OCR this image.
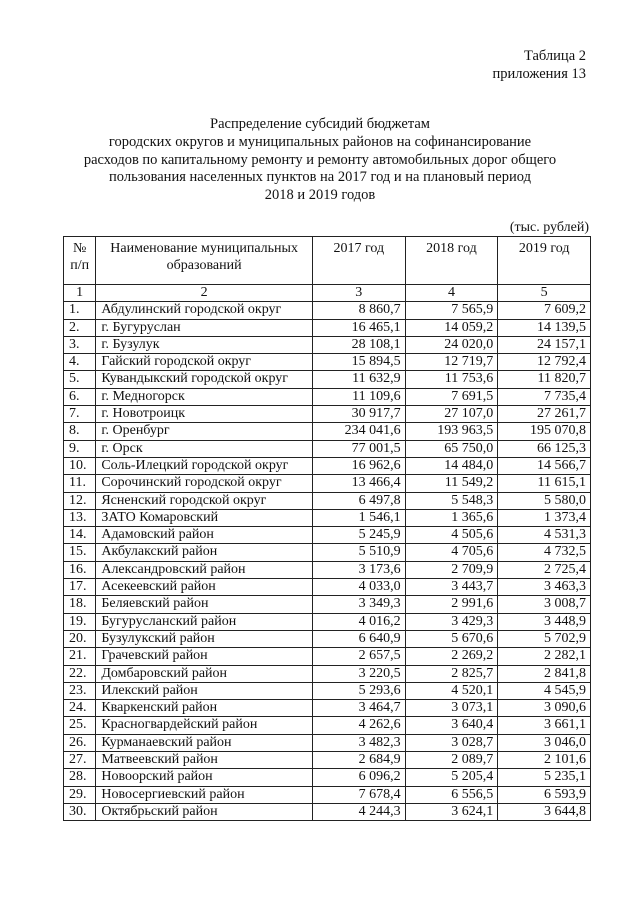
Таблица 2
приложения 13
Распределение субсидий бюджетам
городских округов и муниципальных районов на софинансирование
расходов по капитальному ремонту и ремонту автомобильных дорог общего
пользования населенных пунктов на 2017 год и на плановый период
2018 и 2019 годов
(тыс. рублей)
№ п/п	Наименование муниципальных образований	2017 год	2018 год	2019 год
1	2	3	4	5
1.	Абдулинский городской округ	8 860,7	7 565,9	7 609,2
2.	г. Бугуруслан	16 465,1	14 059,2	14 139,5
3.	г. Бузулук	28 108,1	24 020,0	24 157,1
4.	Гайский городской округ	15 894,5	12 719,7	12 792,4
5.	Кувандыкский городской округ	11 632,9	11 753,6	11 820,7
6.	г. Медногорск	11 109,6	7 691,5	7 735,4
7.	г. Новотроицк	30 917,7	27 107,0	27 261,7
8.	г. Оренбург	234 041,6	193 963,5	195 070,8
9.	г. Орск	77 001,5	65 750,0	66 125,3
10.	Соль-Илецкий городской округ	16 962,6	14 484,0	14 566,7
11.	Сорочинский городской округ	13 466,4	11 549,2	11 615,1
12.	Ясненский городской округ	6 497,8	5 548,3	5 580,0
13.	ЗАТО Комаровский	1 546,1	1 365,6	1 373,4
14.	Адамовский район	5 245,9	4 505,6	4 531,3
15.	Акбулакский район	5 510,9	4 705,6	4 732,5
16.	Александровский район	3 173,6	2 709,9	2 725,4
17.	Асекеевский район	4 033,0	3 443,7	3 463,3
18.	Беляевский район	3 349,3	2 991,6	3 008,7
19.	Бугурусланский район	4 016,2	3 429,3	3 448,9
20.	Бузулукский район	6 640,9	5 670,6	5 702,9
21.	Грачевский район	2 657,5	2 269,2	2 282,1
22.	Домбаровский район	3 220,5	2 825,7	2 841,8
23.	Илекский район	5 293,6	4 520,1	4 545,9
24.	Кваркенский район	3 464,7	3 073,1	3 090,6
25.	Красногвардейский район	4 262,6	3 640,4	3 661,1
26.	Курманаевский район	3 482,3	3 028,7	3 046,0
27.	Матвеевский район	2 684,9	2 089,7	2 101,6
28.	Новоорский район	6 096,2	5 205,4	5 235,1
29.	Новосергиевский район	7 678,4	6 556,5	6 593,9
30.	Октябрьский район	4 244,3	3 624,1	3 644,8
